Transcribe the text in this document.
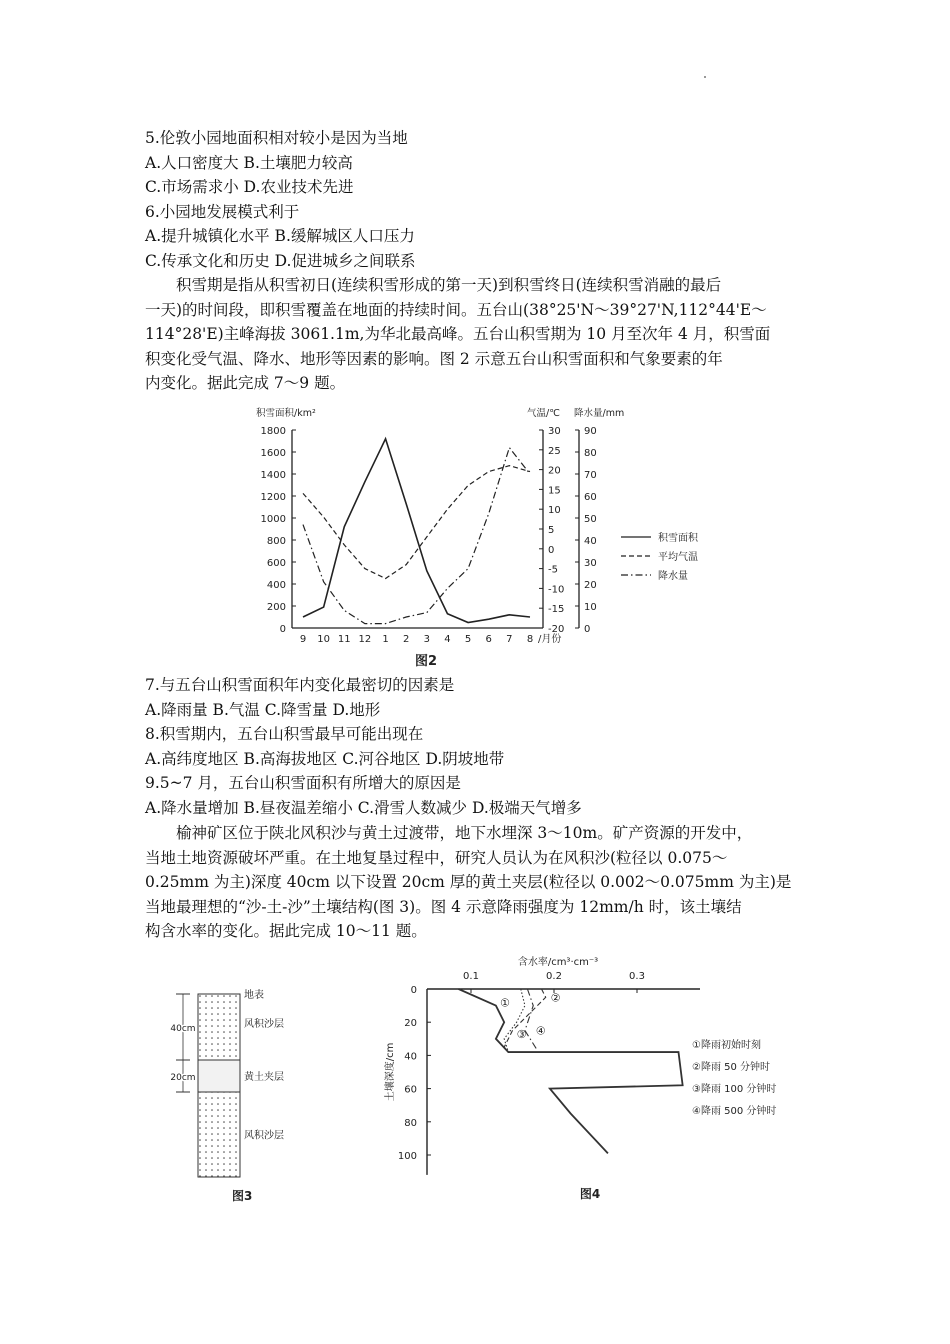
5.伦敦小园地面积相对较小是因为当地
A.人口密度大 B.土壤肥力较高
C.市场需求小 D.农业技术先进
6.小园地发展模式利于
A.提升城镇化水平 B.缓解城区人口压力
C.传承文化和历史 D.促进城乡之间联系
积雪期是指从积雪初日(连续积雪形成的第一天)到积雪终日(连续积雪消融的最后
一天)的时间段，即积雪覆盖在地面的持续时间。五台山(38°25'N～39°27'N,112°44'E～
114°28'E)主峰海拔 3061.1m,为华北最高峰。五台山积雪期为 10 月至次年 4 月，积雪面
积变化受气温、降水、地形等因素的影响。图 2 示意五台山积雪面积和气象要素的年
内变化。据此完成 7～9 题。
0
200
400
600
800
1000
1200
1400
1600
1800
-20
-15
-10
-5
0
5
10
15
20
25
30
0
10
20
30
40
50
60
70
80
90
积雪面积/km²	气温/℃ 降水量/mm
9 10 11 12 1 2 3 4 5 6 7 8 /月份
积雪面积
平均气温
降水量
图2
7.与五台山积雪面积年内变化最密切的因素是
A.降雨量 B.气温 C.降雪量 D.地形
8.积雪期内，五台山积雪最早可能出现在
A.高纬度地区 B.高海拔地区 C.河谷地区 D.阴坡地带
9.5~7 月，五台山积雪面积有所增大的原因是
A.降水量增加 B.昼夜温差缩小 C.滑雪人数减少 D.极端天气增多
榆神矿区位于陕北风积沙与黄土过渡带，地下水埋深 3～10m。矿产资源的开发中，
当地土地资源破坏严重。在土地复垦过程中，研究人员认为在风积沙(粒径以 0.075～
0.25mm 为主)深度 40cm 以下设置 20cm 厚的黄土夹层(粒径以 0.002～0.075mm 为主)是
当地最理想的“沙-土-沙”土壤结构(图 3)。图 4 示意降雨强度为 12mm/h 时，该土壤结
构含水率的变化。据此完成 10～11 题。
40cm
20cm
地表
风积沙层
黄土夹层
风积沙层
图3
0.1	0.2	0.3
0
20
40
60
80
100
含水率/cm³·cm⁻³
土壤深度/cm
①
①降雨初始时刻
②
②降雨 50 分钟时
③
③降雨 100 分钟时
④
④降雨 500 分钟时
图4
